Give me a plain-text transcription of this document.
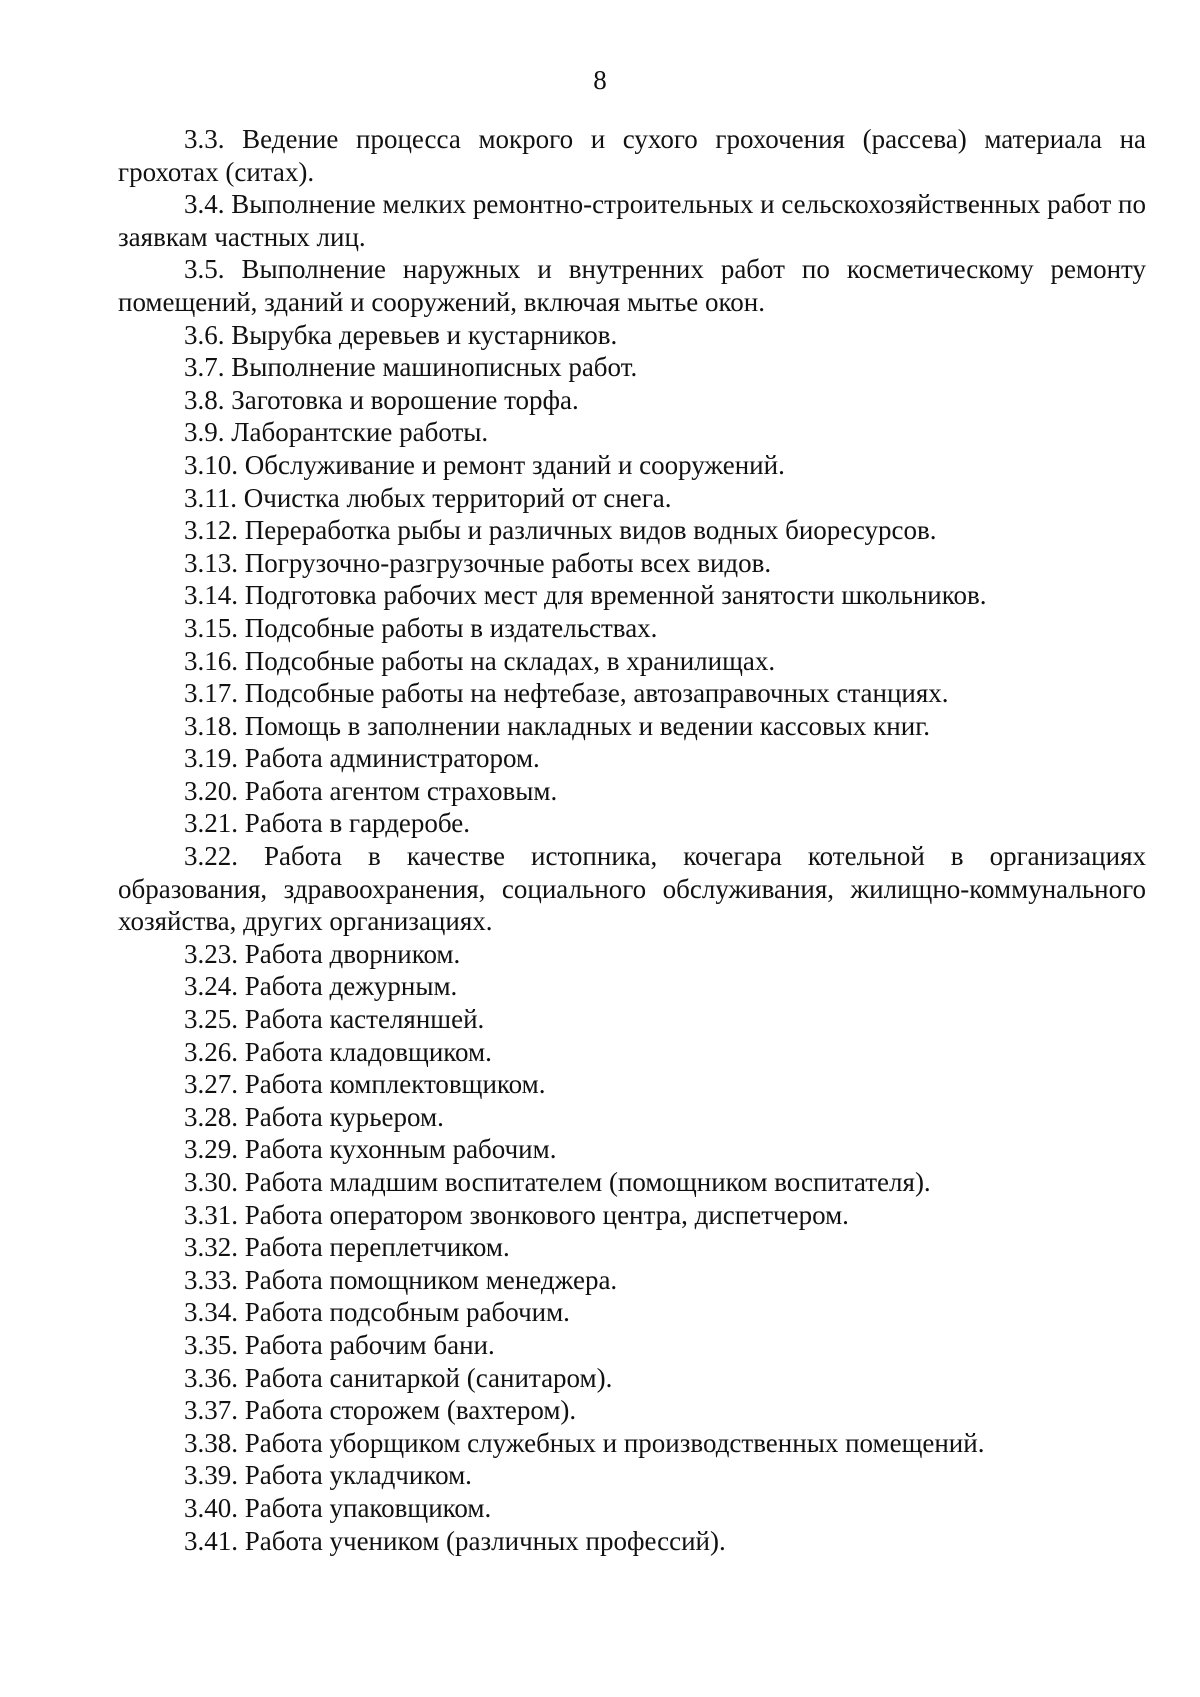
8

3.3. Ведение процесса мокрого и сухого грохочения (рассева) материала на грохотах (ситах).

3.4. Выполнение мелких ремонтно-строительных и сельскохозяйственных работ по заявкам частных лиц.

3.5. Выполнение наружных и внутренних работ по косметическому ремонту помещений, зданий и сооружений, включая мытье окон.

3.6. Вырубка деревьев и кустарников.

3.7. Выполнение машинописных работ.

3.8. Заготовка и ворошение торфа.

3.9. Лаборантские работы.

3.10. Обслуживание и ремонт зданий и сооружений.

3.11. Очистка любых территорий от снега.

3.12. Переработка рыбы и различных видов водных биоресурсов.

3.13. Погрузочно-разгрузочные работы всех видов.

3.14. Подготовка рабочих мест для временной занятости школьников.

3.15. Подсобные работы в издательствах.

3.16. Подсобные работы на складах, в хранилищах.

3.17. Подсобные работы на нефтебазе, автозаправочных станциях.

3.18. Помощь в заполнении накладных и ведении кассовых книг.

3.19. Работа администратором.

3.20. Работа агентом страховым.

3.21. Работа в гардеробе.

3.22. Работа в качестве истопника, кочегара котельной в организациях образования, здравоохранения, социального обслуживания, жилищно-коммунального хозяйства, других организациях.

3.23. Работа дворником.

3.24. Работа дежурным.

3.25. Работа кастеляншей.

3.26. Работа кладовщиком.

3.27. Работа комплектовщиком.

3.28. Работа курьером.

3.29. Работа кухонным рабочим.

3.30. Работа младшим воспитателем (помощником воспитателя).

3.31. Работа оператором звонкового центра, диспетчером.

3.32. Работа переплетчиком.

3.33. Работа помощником менеджера.

3.34. Работа подсобным рабочим.

3.35. Работа рабочим бани.

3.36. Работа санитаркой (санитаром).

3.37. Работа сторожем (вахтером).

3.38. Работа уборщиком служебных и производственных помещений.

3.39. Работа укладчиком.

3.40. Работа упаковщиком.

3.41. Работа учеником (различных профессий).
